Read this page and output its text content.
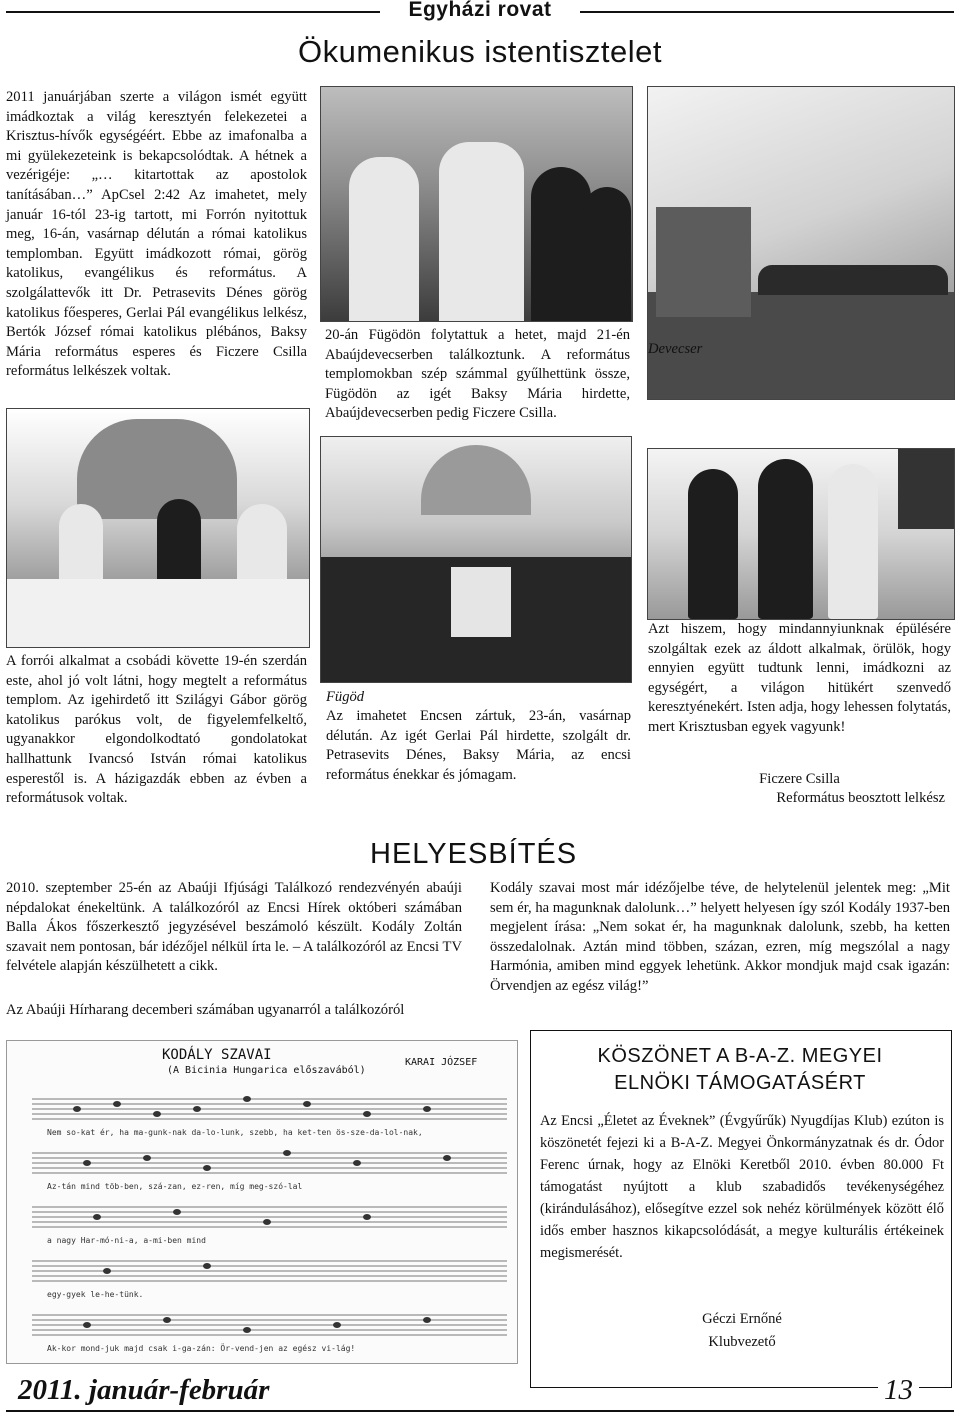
Egyházi rovat
Ökumenikus istentisztelet
2011 januárjában szerte a világon ismét együtt imádkoztak a világ keresztyén felekezetei a Krisztus-hívők egységéért. Ebbe az imafonalba a mi gyülekezeteink is bekapcsolódtak. A hétnek a vezérigéje: „… kitartottak az apostolok tanításában…” ApCsel 2:42 Az imahetet, mely január 16-tól 23-ig tartott, mi Forrón nyitottuk meg, 16-án, vasárnap délután a római katolikus templomban. Együtt imádkozott római, görög katolikus, evangélikus és református. A szolgálattevők itt Dr. Petrasevits Dénes görög katolikus főesperes, Gerlai Pál evangélikus lelkész, Bertók József római katolikus plébános, Baksy Mária református esperes és Ficzere Csilla református lelkészek voltak.
Devecser
20-án Fügödön folytattuk a hetet, majd 21-én Abaújdevecserben találkoztunk. A református templomokban szép számmal gyűlhettünk össze, Fügödön az igét Baksy Mária hirdette, Abaújdevecserben pedig Ficzere Csilla.
A forrói alkalmat a csobádi követte 19-én szerdán este, ahol jó volt látni, hogy megtelt a református templom. Az igehirdető itt Szilágyi Gábor görög katolikus parókus volt, de figyelemfelkeltő, ugyanakkor elgondolkodtató gondolatokat hallhattunk Ivancsó István római katolikus esperestől is. A házigazdák ebben az évben a reformátusok voltak.
Fügöd
Az imahetet Encsen zártuk, 23-án, vasárnap délután. Az igét Gerlai Pál hirdette, szolgált dr. Petrasevits Dénes, Baksy Mária, az encsi református énekkar és jómagam.
Azt hiszem, hogy mindannyiunknak épülésére szolgáltak ezek az áldott alkalmak, örülök, hogy ennyien együtt tudtunk lenni, imádkozni az egységért, a világon hitükért szenvedő keresztyénekért. Isten adja, hogy lehessen folytatás, mert Krisztusban egyek vagyunk!
Ficzere Csilla
Református beosztott lelkész
HELYESBÍTÉS
2010. szeptember 25-én az Abaúji Ifjúsági Találkozó rendezvényén abaúji népdalokat énekeltünk. A találkozóról az Encsi Hírek októberi számában Balla Ákos főszerkesztő jegyzésével beszámoló készült. Kodály Zoltán szavait nem pontosan, bár idézőjel nélkül írta le. – A találkozóról az Encsi TV felvétele alapján készülhetett a cikk.
Az Abaúji Hírharang decemberi számában ugyanarról a találkozóról
Kodály szavai most már idézőjelbe téve, de helytelenül jelentek meg: „Mit sem ér, ha magunknak dalolunk…” helyett helyesen így szól Kodály 1937-ben megjelent írása: „Nem sokat ér, ha magunknak dalolunk, szebb, ha ketten összedalolnak. Aztán mind többen, százan, ezren, míg megszólal a nagy Harmónia, amiben mind eggyek lehetünk. Akkor mondjuk majd csak igazán: Örvendjen az egész világ!”
KODÁLY SZAVAI
(A Bicinia Hungarica előszavából)
KARAI JÓZSEF
Nem so-kat ér, ha ma-gunk-nak da-lo-lunk, szebb, ha ket-ten ös-sze-da-lol-nak,
Az-tán mind töb-ben, szá-zan, ez-ren, míg meg-szó-lal
a nagy Har-mó-ni-a, a-mi-ben mind
egy-gyek le-he-tünk.
Ak-kor mond-juk majd csak i-ga-zán: Ör-vend-jen az egész vi-lág!
KÖSZÖNET A B-A-Z. MEGYEI
ELNÖKI TÁMOGATÁSÉRT
Az Encsi „Életet az Éveknek” (Évgyűrűk) Nyugdíjas Klub) ezúton is köszönetét fejezi ki a B-A-Z. Megyei Önkormányzatnak és dr. Ódor Ferenc úrnak, hogy az Elnöki Keretből 2010. évben 80.000 Ft támogatást nyújtott a klub szabadidős tevékenységéhez (kirándulásához), elősegítve ezzel sok nehéz körülmények között élő idős ember hasznos kikapcsolódását, a megye kulturális értékeinek megismerését.
Géczi Ernőné
Klubvezető
2011. január-február	13
